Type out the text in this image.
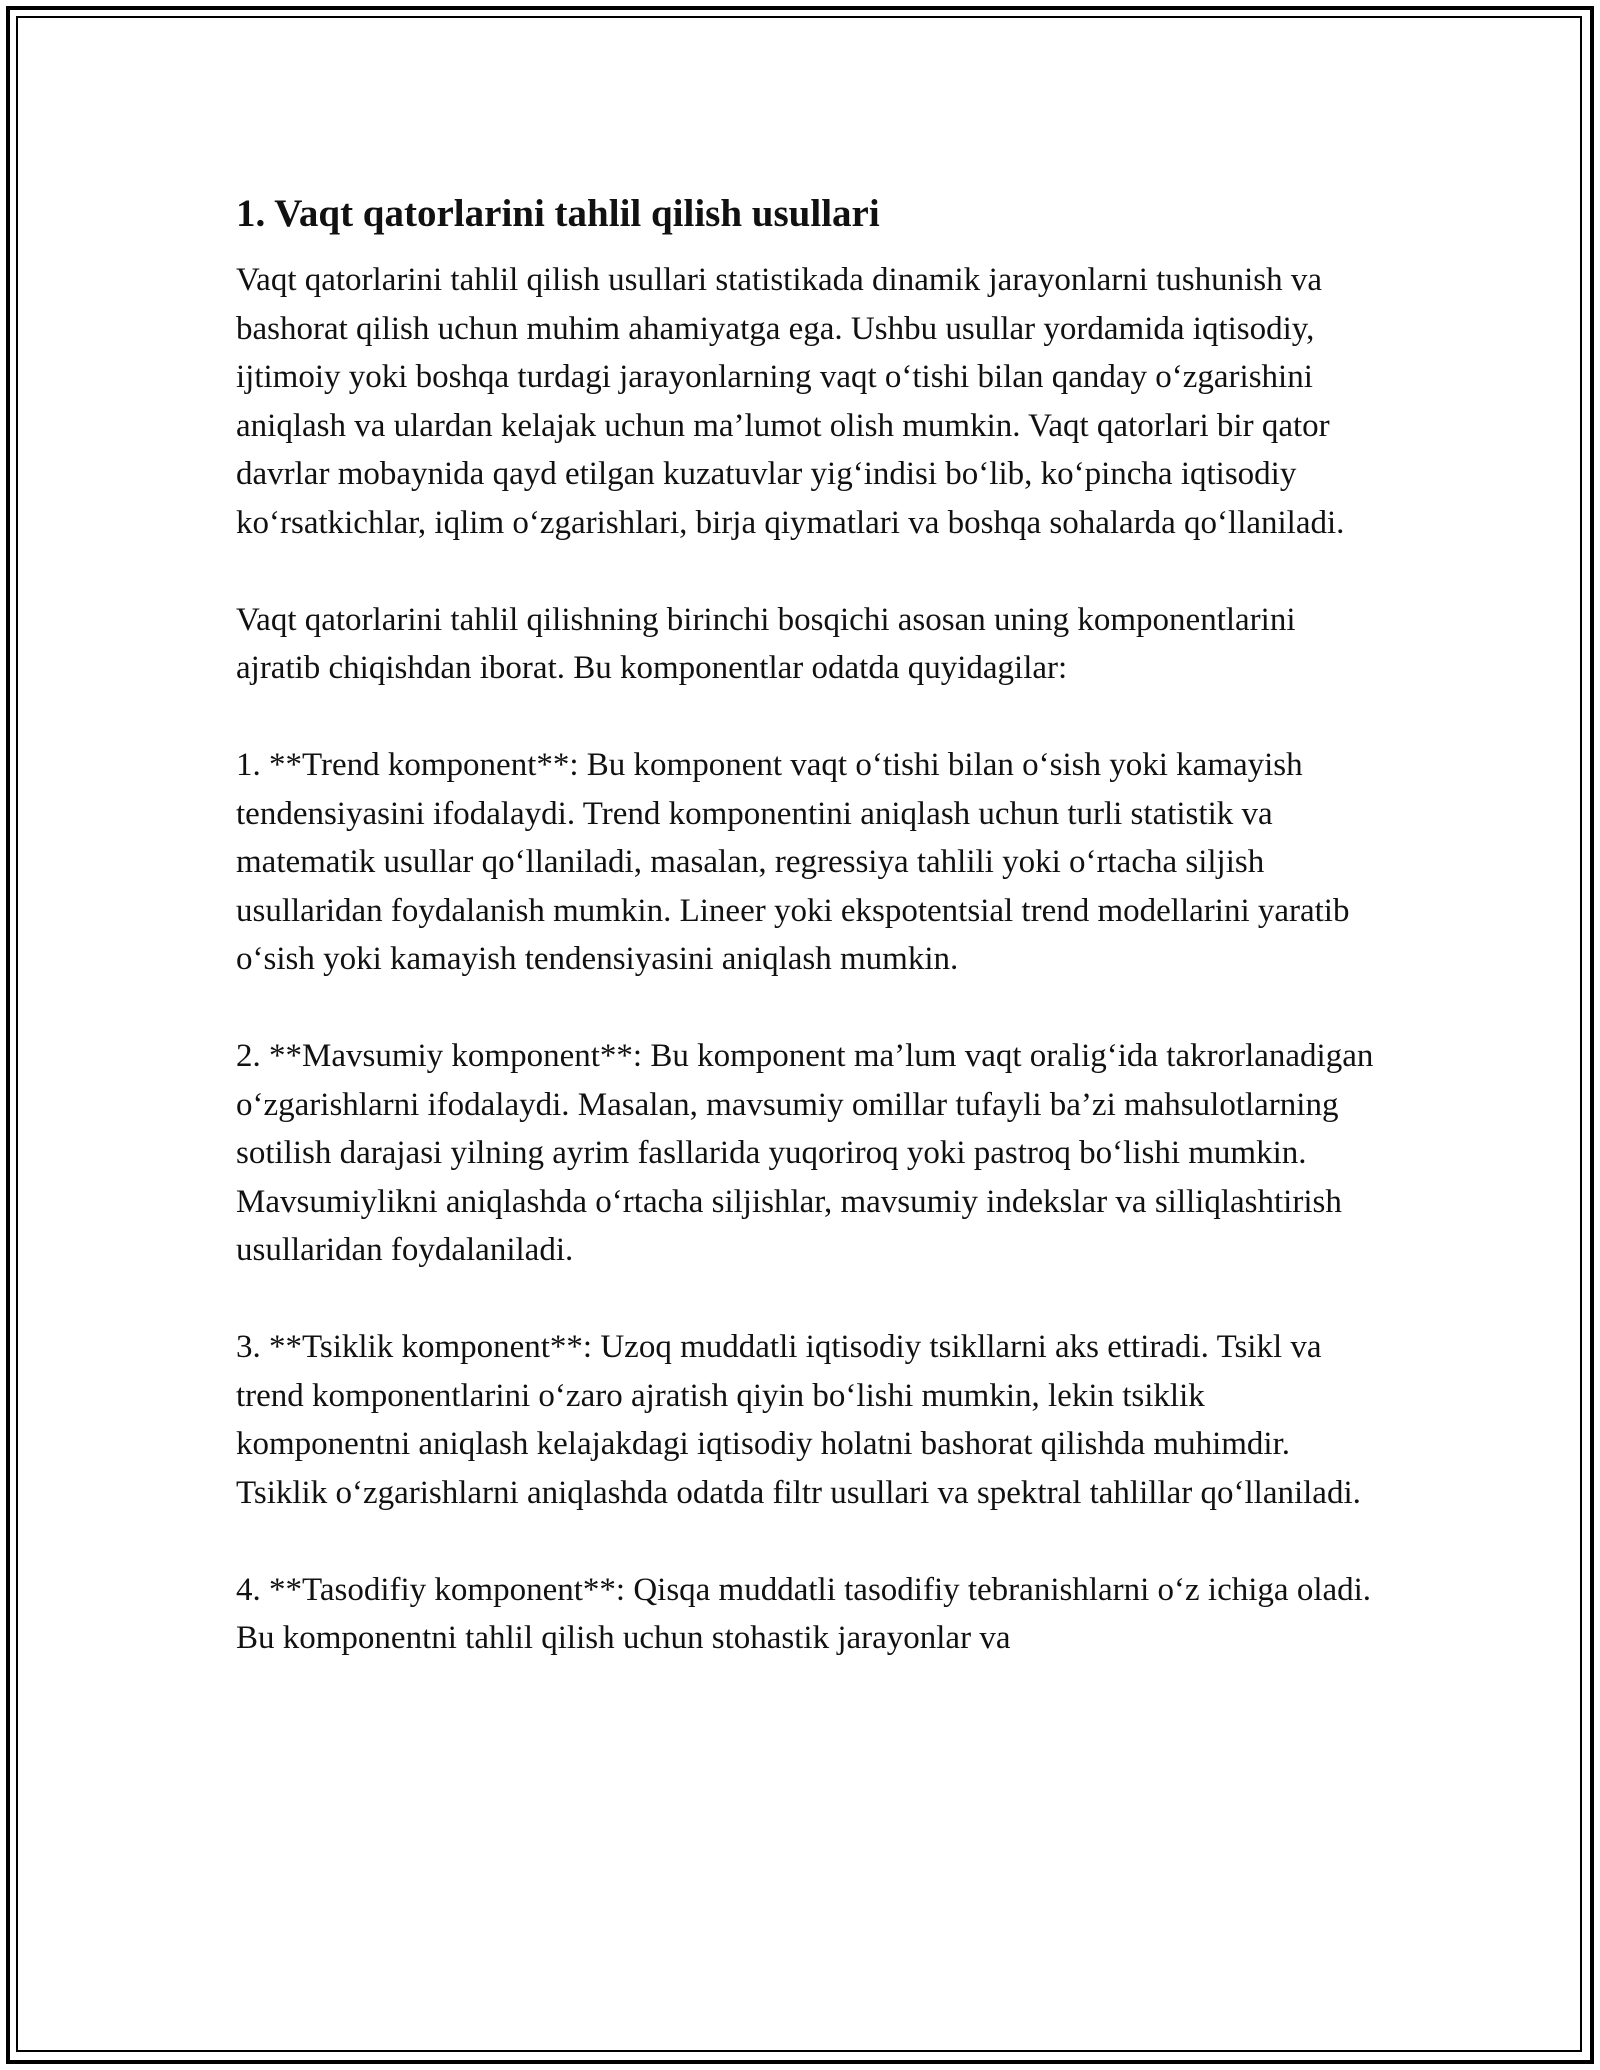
1. Vaqt qatorlarini tahlil qilish usullari

Vaqt qatorlarini tahlil qilish usullari statistikada dinamik jarayonlarni tushunish va bashorat qilish uchun muhim ahamiyatga ega. Ushbu usullar yordamida iqtisodiy, ijtimoiy yoki boshqa turdagi jarayonlarning vaqt o‘tishi bilan qanday o‘zgarishini aniqlash va ulardan kelajak uchun ma’lumot olish mumkin. Vaqt qatorlari bir qator davrlar mobaynida qayd etilgan kuzatuvlar yig‘indisi bo‘lib, ko‘pincha iqtisodiy ko‘rsatkichlar, iqlim o‘zgarishlari, birja qiymatlari va boshqa sohalarda qo‘llaniladi.

Vaqt qatorlarini tahlil qilishning birinchi bosqichi asosan uning komponentlarini ajratib chiqishdan iborat. Bu komponentlar odatda quyidagilar:

1. **Trend komponent**: Bu komponent vaqt o‘tishi bilan o‘sish yoki kamayish tendensiyasini ifodalaydi. Trend komponentini aniqlash uchun turli statistik va matematik usullar qo‘llaniladi, masalan, regressiya tahlili yoki o‘rtacha siljish usullaridan foydalanish mumkin. Lineer yoki ekspotentsial trend modellarini yaratib o‘sish yoki kamayish tendensiyasini aniqlash mumkin.

2. **Mavsumiy komponent**: Bu komponent ma’lum vaqt oralig‘ida takrorlanadigan o‘zgarishlarni ifodalaydi. Masalan, mavsumiy omillar tufayli ba’zi mahsulotlarning sotilish darajasi yilning ayrim fasllarida yuqoriroq yoki pastroq bo‘lishi mumkin. Mavsumiylikni aniqlashda o‘rtacha siljishlar, mavsumiy indekslar va silliqlashtirish usullaridan foydalaniladi.

3. **Tsiklik komponent**: Uzoq muddatli iqtisodiy tsikllarni aks ettiradi. Tsikl va trend komponentlarini o‘zaro ajratish qiyin bo‘lishi mumkin, lekin tsiklik komponentni aniqlash kelajakdagi iqtisodiy holatni bashorat qilishda muhimdir. Tsiklik o‘zgarishlarni aniqlashda odatda filtr usullari va spektral tahlillar qo‘llaniladi.

4. **Tasodifiy komponent**: Qisqa muddatli tasodifiy tebranishlarni o‘z ichiga oladi. Bu komponentni tahlil qilish uchun stohastik jarayonlar va
